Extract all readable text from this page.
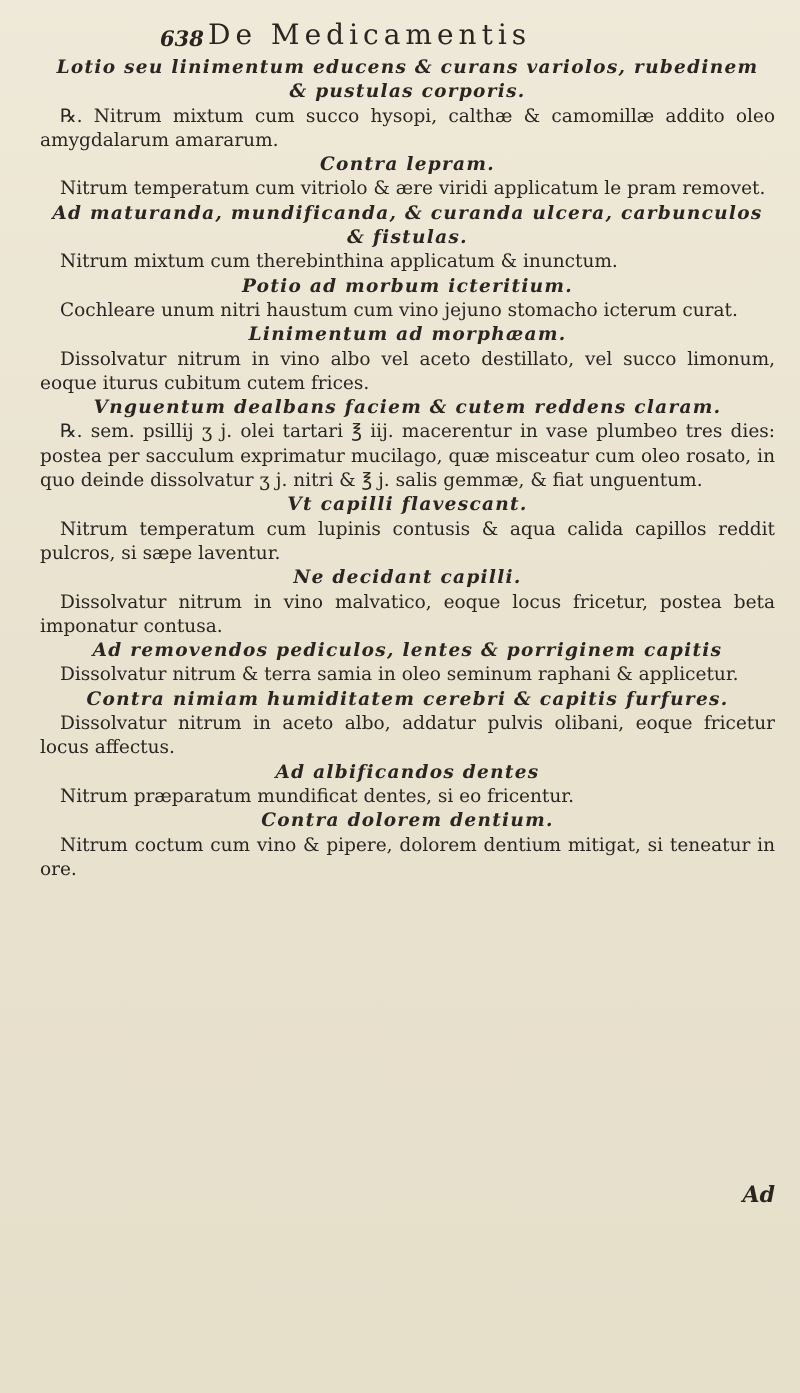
638 De Medicamentis

Lotio seu linimentum educens & curans variolos, rubedinem & pustulas corporis.

℞. Nitrum mixtum cum succo hysopi, calthæ & camomillæ addito oleo amygdalarum amararum.

Contra lepram.

Nitrum temperatum cum vitriolo & ære viridi applicatum le pram removet.

Ad maturanda, mundificanda, & curanda ulcera, carbunculos & fistulas.

Nitrum mixtum cum therebinthina applicatum & inunctum.

Potio ad morbum icteritium.

Cochleare unum nitri haustum cum vino jejuno stomacho icterum curat.

Linimentum ad morphæam.

Dissolvatur nitrum in vino albo vel aceto destillato, vel succo limonum, eoque iturus cubitum cutem frices.

Vnguentum dealbans faciem & cutem reddens claram.

℞. sem. psillij ʒ j. olei tartari ℥ iij. macerentur in vase plumbeo tres dies: postea per sacculum exprimatur mucilago, quæ misceatur cum oleo rosato, in quo deinde dissolvatur ʒ j. nitri & ℥ j. salis gemmæ, & fiat unguentum.

Vt capilli flavescant.

Nitrum temperatum cum lupinis contusis & aqua calida capillos reddit pulcros, si sæpe laventur.

Ne decidant capilli.

Dissolvatur nitrum in vino malvatico, eoque locus fricetur, postea beta imponatur contusa.

Ad removendos pediculos, lentes & porriginem capitis

Dissolvatur nitrum & terra samia in oleo seminum raphani & applicetur.

Contra nimiam humiditatem cerebri & capitis furfures.

Dissolvatur nitrum in aceto albo, addatur pulvis olibani, eoque fricetur locus affectus.

Ad albificandos dentes

Nitrum præparatum mundificat dentes, si eo fricentur.

Contra dolorem dentium.

Nitrum coctum cum vino & pipere, dolorem dentium mitigat, si teneatur in ore.

Ad
